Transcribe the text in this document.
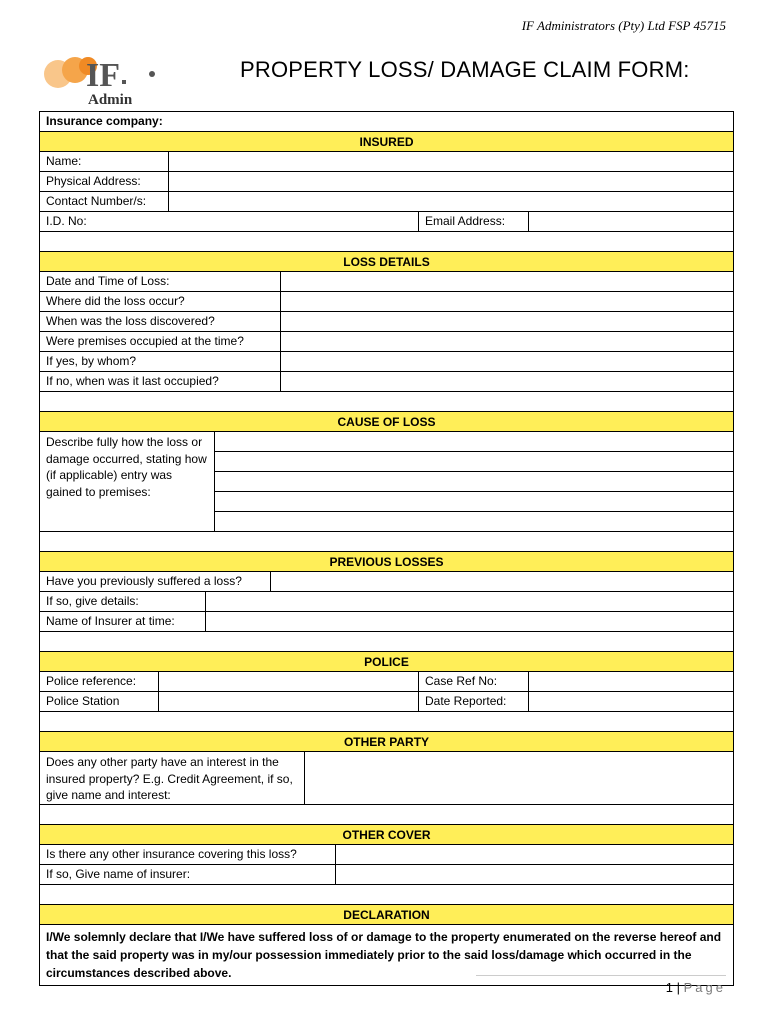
IF Administrators (Pty) Ltd FSP 45715
IF
Admin
PROPERTY LOSS/ DAMAGE CLAIM FORM:
Insurance company:
INSURED
Name:
Physical Address:
Contact Number/s:
I.D. No:	Email Address:
LOSS DETAILS
Date and Time of Loss:
Where did the loss occur?
When was the loss discovered?
Were premises occupied at the time?
If yes, by whom?
If no, when was it last occupied?
CAUSE OF LOSS
Describe fully how the loss or damage occurred, stating how (if applicable) entry was gained to premises:
PREVIOUS LOSSES
Have you previously suffered a loss?
If so, give details:
Name of Insurer at time:
POLICE
Police reference:	Case Ref No:
Police Station	Date Reported:
OTHER PARTY
Does any other party have an interest in the insured property? E.g. Credit Agreement, if so, give name and interest:
OTHER COVER
Is there any other insurance covering this loss?
If so, Give name of insurer:
DECLARATION
I/We solemnly declare that I/We have suffered loss of or damage to the property enumerated on the reverse hereof and that the said property was in my/our possession immediately prior to the said loss/damage which occurred in the circumstances described above.
1 | Page
